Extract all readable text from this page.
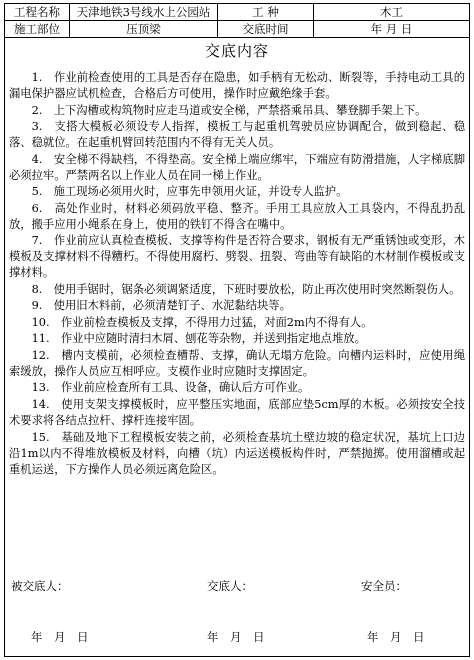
工程名称	天津地铁3号线水上公园站	工 种	木工
施工部位	压顶梁	交底时间	年 月 日
交底内容

1.　作业前检查使用的工具是否存在隐患，如手柄有无松动、断裂等，手持电动工具的漏电保护器应试机检查，合格后方可使用，操作时应戴绝缘手套。

2.　上下沟槽或构筑物时应走马道或安全梯，严禁搭乘吊具、攀登脚手架上下。

3.　支搭大模板必须设专人指挥，模板工与起重机驾驶员应协调配合，做到稳起、稳落、稳就位。在起重机臂回转范围内不得有无关人员。

4.　安全梯不得缺档，不得垫高。安全梯上端应绑牢，下端应有防滑措施，人字梯底脚必须拉牢。严禁两名以上作业人员在同一梯上作业。

5.　施工现场必须用火时，应事先申领用火证，并设专人监护。

6.　高处作业时，材料必须码放平稳、整齐。手用工具应放入工具袋内，不得乱扔乱放，搬手应用小绳系在身上，使用的铁钉不得含在嘴中。

7.　作业前应认真检查模板、支撑等构件是否符合要求，钢板有无严重锈蚀或变形，木模板及支撑材料不得糟朽。不得使用腐朽、劈裂、扭裂、弯曲等有缺陷的木材制作模板或支撑材料。

8.　使用手锯时，锯条必须调紧适度，下班时要放松，防止再次使用时突然断裂伤人。

9.　使用旧木料前，必须清楚钉子、水泥黏结块等。

10.　作业前检查模板及支撑，不得用力过猛，对面2m内不得有人。

11.　作业中应随时清扫木屑、刨花等杂物，并送到指定地点堆放。

12.　槽内支模前，必须检查槽帮、支撑，确认无塌方危险。向槽内运料时，应使用绳索缓放，操作人员应互相呼应。支模作业时应随时支撑固定。

13.　作业前应检查所有工具、设备，确认后方可作业。

14.　使用支架支撑模板时，应平整压实地面，底部应垫5cm厚的木板。必须按安全技术要求将各结点拉杆、撑杆连接牢固。

15.　基础及地下工程模板安装之前，必须检查基坑土壁边坡的稳定状况，基坑上口边沿1m以内不得堆放模板及材料，向槽（坑）内运送模板构件时，严禁抛掷。使用溜槽或起重机运送，下方操作人员必须远离危险区。

被交底人：	交底人：	安全员：
年　月　日	年　月　日	年　月　日
